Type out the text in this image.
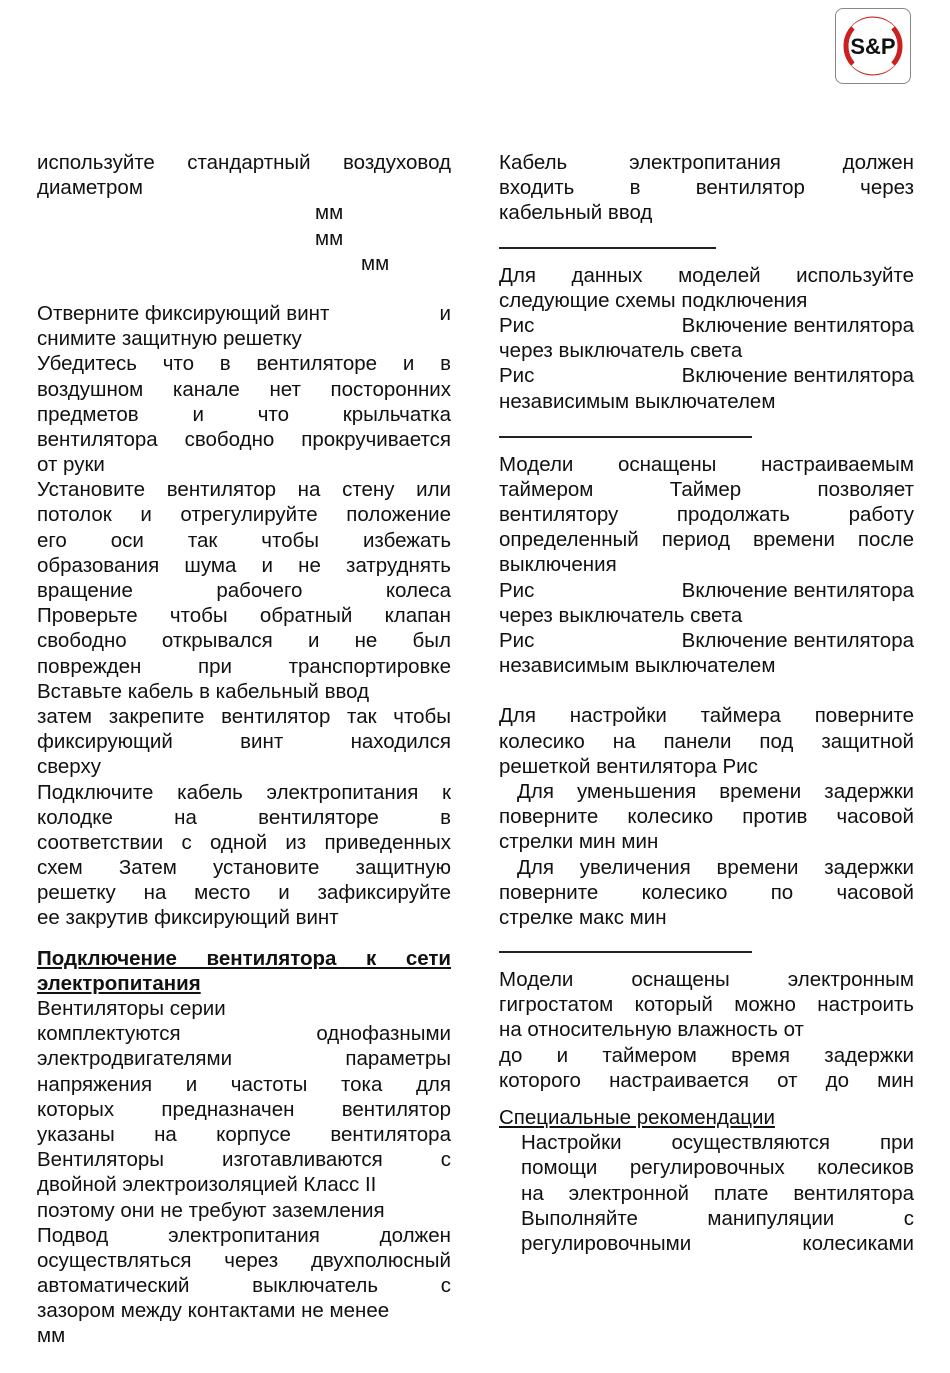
S&P
используйте стандартный воздуховод
диаметром
мм
мм
мм
Отверните фиксирующий винт	и
снимите защитную решетку
Убедитесь что в вентиляторе и в
воздушном канале нет посторонних
предметов и что крыльчатка
вентилятора свободно прокручивается
от руки
Установите вентилятор на стену или
потолок и отрегулируйте положение
его оси так чтобы избежать
образования шума и не затруднять
вращение рабочего колеса
Проверьте чтобы обратный клапан
свободно открывался и не был
поврежден при транспортировке
Вставьте кабель в кабельный ввод
затем закрепите вентилятор так чтобы
фиксирующий винт находился
сверху
Подключите кабель электропитания к
колодке на вентиляторе в
соответствии с одной из приведенных
схем Затем установите защитную
решетку на место и зафиксируйте
ее закрутив фиксирующий винт
Подключение вентилятора к сети
электропитания
Вентиляторы серии
комплектуются однофазными
электродвигателями параметры
напряжения и частоты тока для
которых предназначен вентилятор
указаны на корпусе вентилятора
Вентиляторы изготавливаются с
двойной электроизоляцией Класс II
поэтому они не требуют заземления
Подвод электропитания должен
осуществляться через двухполюсный
автоматический выключатель с
зазором между контактами не менее
мм
Кабель электропитания должен
входить в вентилятор через
кабельный ввод
Для данных моделей используйте
следующие схемы подключения
Рис	Включение вентилятора
через выключатель света
Рис	Включение вентилятора
независимым выключателем
Модели оснащены настраиваемым
таймером Таймер позволяет
вентилятору продолжать работу
определенный период времени после
выключения
Рис	Включение вентилятора
через выключатель света
Рис	Включение вентилятора
независимым выключателем
Для настройки таймера поверните
колесико на панели под защитной
решеткой вентилятора Рис
Для уменьшения времени задержки
поверните колесико против часовой
стрелки мин мин
Для увеличения времени задержки
поверните колесико по часовой
стрелке макс мин
Модели оснащены электронным
гигростатом который можно настроить
на относительную влажность от
до и таймером время задержки
которого настраивается от до мин
Специальные рекомендации
Настройки осуществляются при
помощи регулировочных колесиков
на электронной плате вентилятора
Выполняйте манипуляции с
регулировочными колесиками
